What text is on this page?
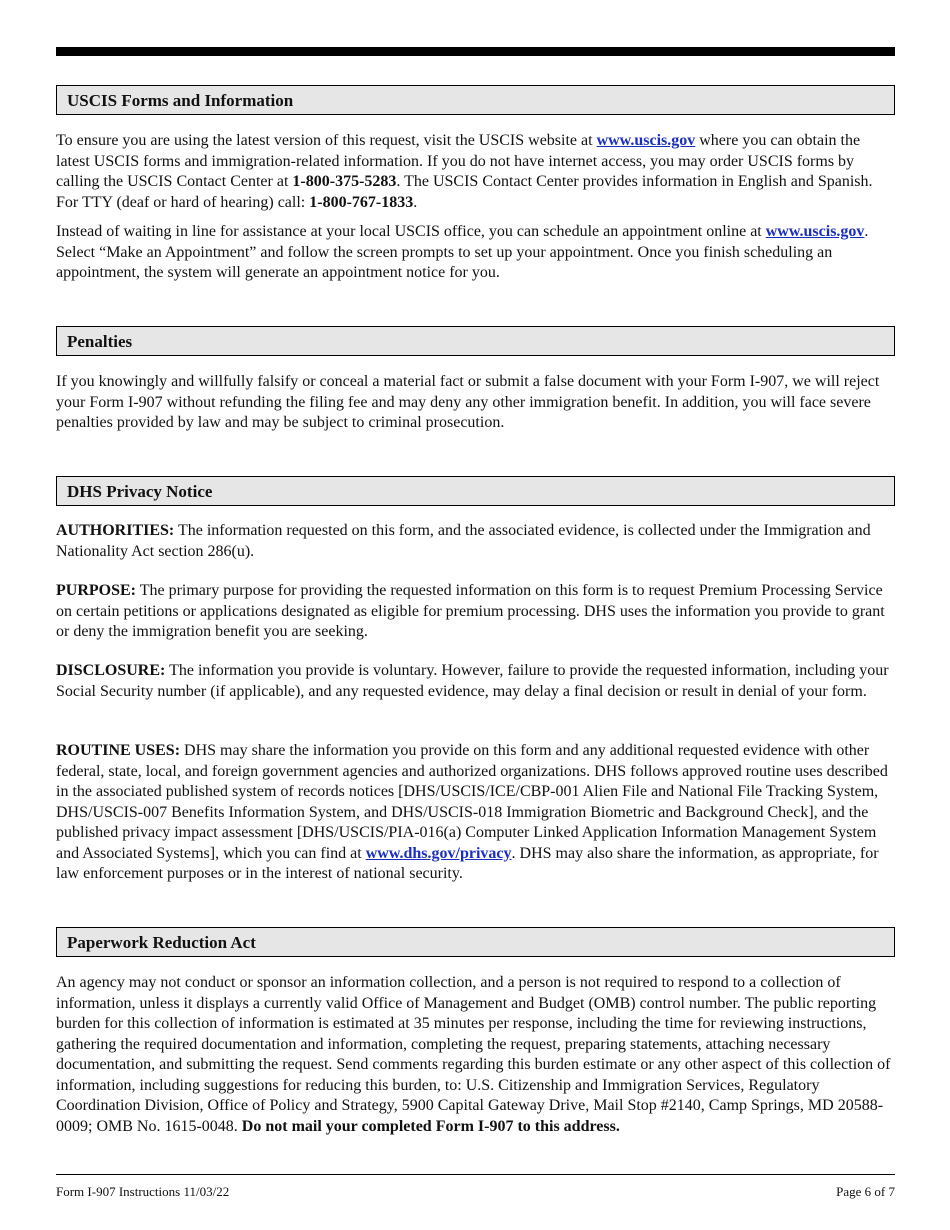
USCIS Forms and Information

To ensure you are using the latest version of this request, visit the USCIS website at www.uscis.gov where you can obtain the latest USCIS forms and immigration-related information. If you do not have internet access, you may order USCIS forms by calling the USCIS Contact Center at 1-800-375-5283. The USCIS Contact Center provides information in English and Spanish. For TTY (deaf or hard of hearing) call: 1-800-767-1833.

Instead of waiting in line for assistance at your local USCIS office, you can schedule an appointment online at www.uscis.gov. Select “Make an Appointment” and follow the screen prompts to set up your appointment. Once you finish scheduling an appointment, the system will generate an appointment notice for you.

Penalties

If you knowingly and willfully falsify or conceal a material fact or submit a false document with your Form I-907, we will reject your Form I-907 without refunding the filing fee and may deny any other immigration benefit. In addition, you will face severe penalties provided by law and may be subject to criminal prosecution.

DHS Privacy Notice

AUTHORITIES: The information requested on this form, and the associated evidence, is collected under the Immigration and Nationality Act section 286(u).

PURPOSE: The primary purpose for providing the requested information on this form is to request Premium Processing Service on certain petitions or applications designated as eligible for premium processing. DHS uses the information you provide to grant or deny the immigration benefit you are seeking.

DISCLOSURE: The information you provide is voluntary. However, failure to provide the requested information, including your Social Security number (if applicable), and any requested evidence, may delay a final decision or result in denial of your form.

ROUTINE USES: DHS may share the information you provide on this form and any additional requested evidence with other federal, state, local, and foreign government agencies and authorized organizations. DHS follows approved routine uses described in the associated published system of records notices [DHS/USCIS/ICE/CBP-001 Alien File and National File Tracking System, DHS/USCIS-007 Benefits Information System, and DHS/USCIS-018 Immigration Biometric and Background Check], and the published privacy impact assessment [DHS/USCIS/PIA-016(a) Computer Linked Application Information Management System and Associated Systems], which you can find at www.dhs.gov/privacy. DHS may also share the information, as appropriate, for law enforcement purposes or in the interest of national security.

Paperwork Reduction Act

An agency may not conduct or sponsor an information collection, and a person is not required to respond to a collection of information, unless it displays a currently valid Office of Management and Budget (OMB) control number. The public reporting burden for this collection of information is estimated at 35 minutes per response, including the time for reviewing instructions, gathering the required documentation and information, completing the request, preparing statements, attaching necessary documentation, and submitting the request. Send comments regarding this burden estimate or any other aspect of this collection of information, including suggestions for reducing this burden, to: U.S. Citizenship and Immigration Services, Regulatory Coordination Division, Office of Policy and Strategy, 5900 Capital Gateway Drive, Mail Stop #2140, Camp Springs, MD 20588-0009; OMB No. 1615-0048. Do not mail your completed Form I-907 to this address.

Form I-907 Instructions 11/03/22	Page 6 of 7
